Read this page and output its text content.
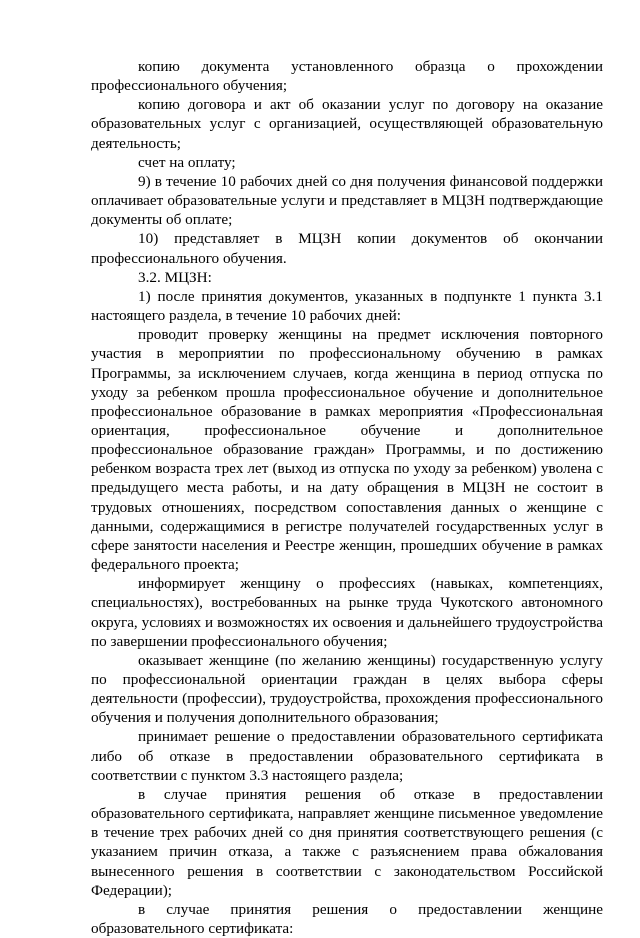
копию документа установленного образца о прохождении профессионального обучения;

копию договора и акт об оказании услуг по договору на оказание образовательных услуг с организацией, осуществляющей образовательную деятельность;

счет на оплату;

9) в течение 10 рабочих дней со дня получения финансовой поддержки оплачивает образовательные услуги и представляет в МЦЗН подтверждающие документы об оплате;

10) представляет в МЦЗН копии документов об окончании профессионального обучения.

3.2. МЦЗН:

1) после принятия документов, указанных в подпункте 1 пункта 3.1 настоящего раздела, в течение 10 рабочих дней:

проводит проверку женщины на предмет исключения повторного участия в мероприятии по профессиональному обучению в рамках Программы, за исключением случаев, когда женщина в период отпуска по уходу за ребенком прошла профессиональное обучение и дополнительное профессиональное образование в рамках мероприятия «Профессиональная ориентация, профессиональное обучение и дополнительное профессиональное образование граждан» Программы, и по достижению ребенком возраста трех лет (выход из отпуска по уходу за ребенком) уволена с предыдущего места работы, и на дату обращения в МЦЗН не состоит в трудовых отношениях, посредством сопоставления данных о женщине с данными, содержащимися в регистре получателей государственных услуг в сфере занятости населения и Реестре женщин, прошедших обучение в рамках федерального проекта;

информирует женщину о профессиях (навыках, компетенциях, специальностях), востребованных на рынке труда Чукотского автономного округа, условиях и возможностях их освоения и дальнейшего трудоустройства по завершении профессионального обучения;

оказывает женщине (по желанию женщины) государственную услугу по профессиональной ориентации граждан в целях выбора сферы деятельности (профессии), трудоустройства, прохождения профессионального обучения и получения дополнительного образования;

принимает решение о предоставлении образовательного сертификата либо об отказе в предоставлении образовательного сертификата в соответствии с пунктом 3.3 настоящего раздела;

в случае принятия решения об отказе в предоставлении образовательного сертификата, направляет женщине письменное уведомление в течение трех рабочих дней со дня принятия соответствующего решения (с указанием причин отказа, а также с разъяснением права обжалования вынесенного решения в соответствии с законодательством Российской Федерации);

в случае принятия решения о предоставлении женщине образовательного сертификата:
